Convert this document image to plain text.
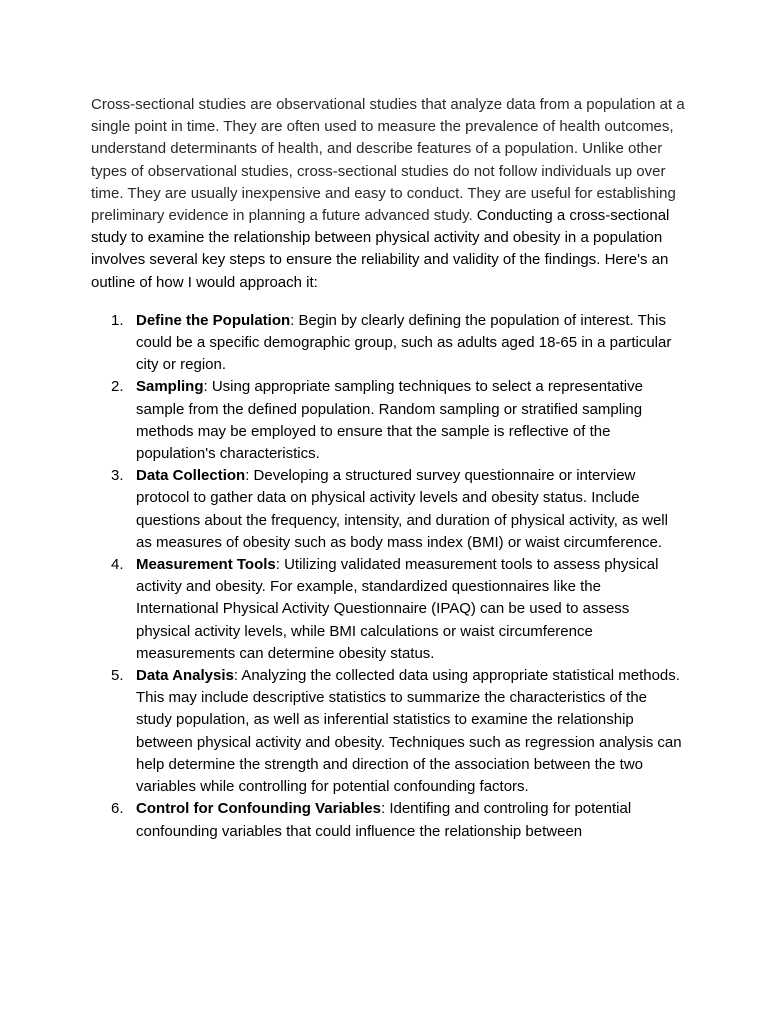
Cross-sectional studies are observational studies that analyze data from a population at a single point in time. They are often used to measure the prevalence of health outcomes, understand determinants of health, and describe features of a population. Unlike other types of observational studies, cross-sectional studies do not follow individuals up over time. They are usually inexpensive and easy to conduct. They are useful for establishing preliminary evidence in planning a future advanced study. Conducting a cross-sectional study to examine the relationship between physical activity and obesity in a population involves several key steps to ensure the reliability and validity of the findings. Here's an outline of how I would approach it:

1. Define the Population: Begin by clearly defining the population of interest. This could be a specific demographic group, such as adults aged 18-65 in a particular city or region.
2. Sampling: Using appropriate sampling techniques to select a representative sample from the defined population. Random sampling or stratified sampling methods may be employed to ensure that the sample is reflective of the population's characteristics.
3. Data Collection: Developing a structured survey questionnaire or interview protocol to gather data on physical activity levels and obesity status. Include questions about the frequency, intensity, and duration of physical activity, as well as measures of obesity such as body mass index (BMI) or waist circumference.
4. Measurement Tools: Utilizing validated measurement tools to assess physical activity and obesity. For example, standardized questionnaires like the International Physical Activity Questionnaire (IPAQ) can be used to assess physical activity levels, while BMI calculations or waist circumference measurements can determine obesity status.
5. Data Analysis: Analyzing the collected data using appropriate statistical methods. This may include descriptive statistics to summarize the characteristics of the study population, as well as inferential statistics to examine the relationship between physical activity and obesity. Techniques such as regression analysis can help determine the strength and direction of the association between the two variables while controlling for potential confounding factors.
6. Control for Confounding Variables: Identifing and controling for potential confounding variables that could influence the relationship between
